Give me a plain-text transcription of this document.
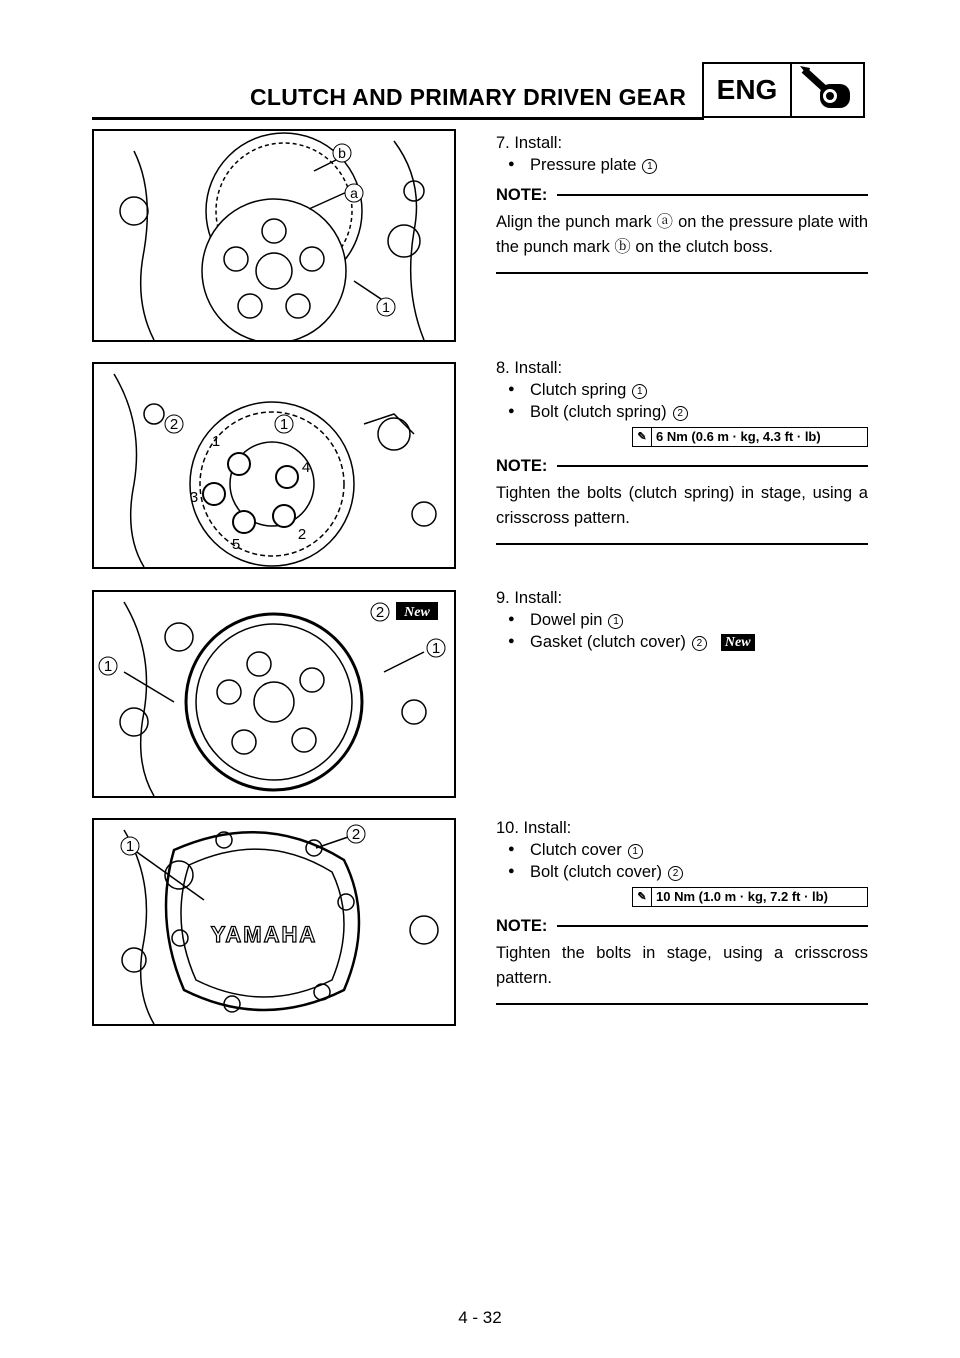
CLUTCH AND PRIMARY DRIVEN GEAR	ENG
b
a
1

7. Install:

● Pressure plate 1
NOTE:
Align the punch mark ⓐ on the pressure plate with the punch mark ⓑ on the clutch boss.
2	1
1
4
3
2
5

8. Install:

● Clutch spring 1
● Bolt (clutch spring) 2
✎ 6 Nm (0.6 m · kg, 4.3 ft · lb)
NOTE:
Tighten the bolts (clutch spring) in stage, using a crisscross pattern.
2 New
1
1

9. Install:

● Dowel pin 1
● Gasket (clutch cover) 2 New
YAMAHA
1
2	10. Install:

● Clutch cover 1
● Bolt (clutch cover) 2
✎ 10 Nm (1.0 m · kg, 7.2 ft · lb)
NOTE:
Tighten the bolts in stage, using a crisscross pattern.
4 - 32
